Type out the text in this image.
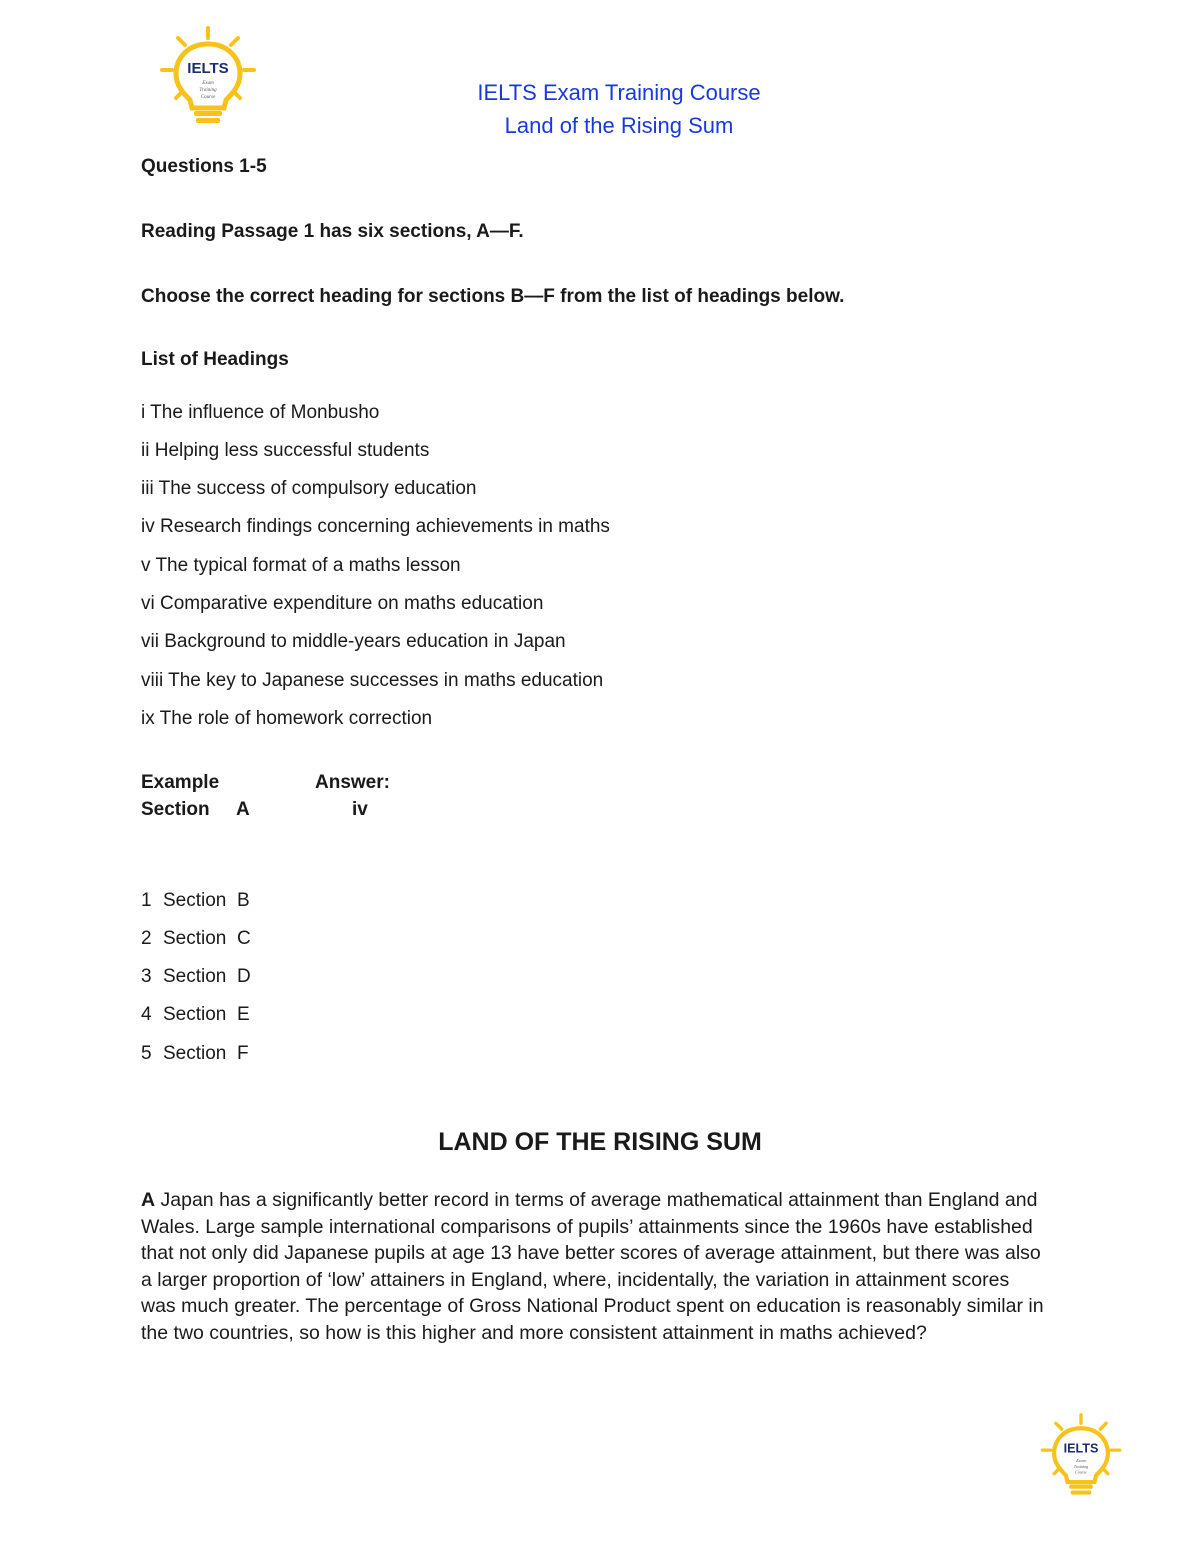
IELTS
Exam
Training
Course	IELTS Exam Training Course
Land of the Rising Sum
Questions 1-5
Reading Passage 1 has six sections, A—F.
Choose the correct heading for sections B—F from the list of headings below.
List of Headings
i The influence of Monbusho
ii Helping less successful students
iii The success of compulsory education
iv Research findings concerning achievements in maths
v The typical format of a maths lesson
vi Comparative expenditure on maths education
vii Background to middle-years education in Japan
viii The key to Japanese successes in maths education
ix The role of homework correction
Example	Answer:
Section A	iv
1 Section B
2 Section C
3 Section D
4 Section E
5 Section F
LAND OF THE RISING SUM
A Japan has a significantly better record in terms of average mathematical attainment than England and Wales. Large sample international comparisons of pupils’ attainments since the 1960s have established that not only did Japanese pupils at age 13 have better scores of average attainment, but there was also a larger proportion of ‘low’ attainers in England, where, incidentally, the variation in attainment scores was much greater. The percentage of Gross National Product spent on education is reasonably similar in the two countries, so how is this higher and more consistent attainment in maths achieved?
IELTS
Exam
Training
Course
